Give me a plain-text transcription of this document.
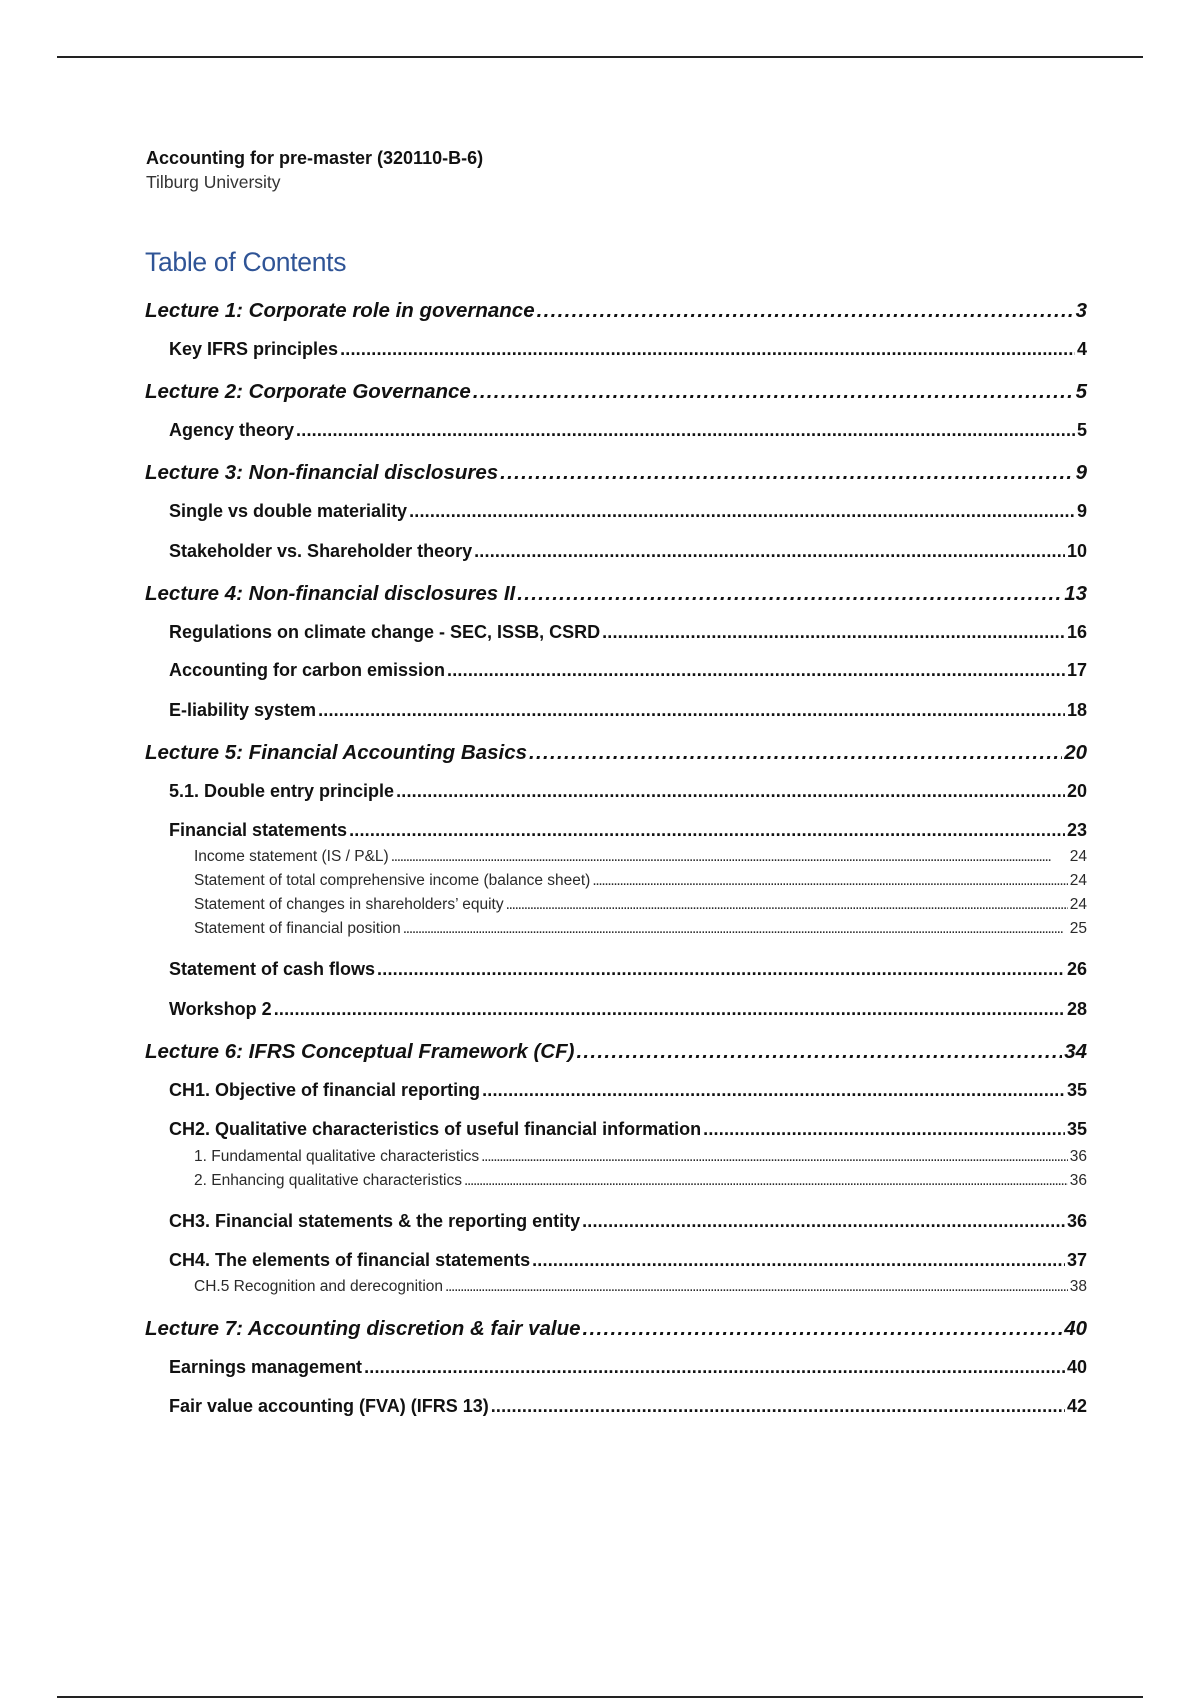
Accounting for pre-master (320110-B-6)
Tilburg University
Table of Contents
Lecture 1: Corporate role in governance . . .	3
Key IFRS principles . . .	4
Lecture 2: Corporate Governance . . .	5
Agency theory . . .	5
Lecture 3: Non-financial disclosures . . .	9
Single vs double materiality . . .	9
Stakeholder vs. Shareholder theory . . .	10
Lecture 4: Non-financial disclosures II . . .	13
Regulations on climate change - SEC, ISSB, CSRD . . .	16
Accounting for carbon emission . . .	17
E-liability system . . .	18
Lecture 5: Financial Accounting Basics . . .	20
5.1. Double entry principle . . .	20
Financial statements . . .	23
Income statement (IS / P&L) . . .	24
Statement of total comprehensive income (balance sheet) . . .	24
Statement of changes in shareholders’ equity . . .	24
Statement of financial position . . .	25
Statement of cash flows . . .	26
Workshop 2 . . .	28
Lecture 6: IFRS Conceptual Framework (CF) . . .	34
CH1. Objective of financial reporting . . .	35
CH2. Qualitative characteristics of useful financial information . . .	35
1. Fundamental qualitative characteristics . . .	36
2. Enhancing qualitative characteristics . . .	36
CH3. Financial statements & the reporting entity . . .	36
CH4. The elements of financial statements . . .	37
CH.5 Recognition and derecognition . . .	38
Lecture 7: Accounting discretion & fair value . . .	40
Earnings management . . .	40
Fair value accounting (FVA) (IFRS 13) . . .	42
